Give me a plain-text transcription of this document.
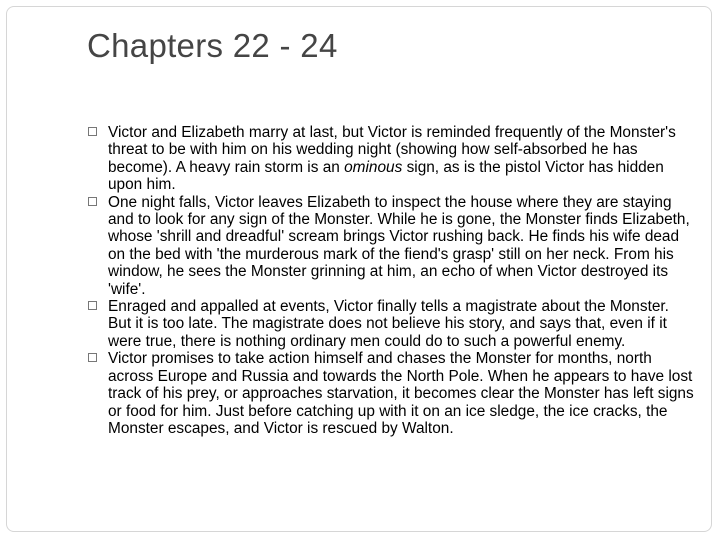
Chapters 22 - 24
Victor and Elizabeth marry at last, but Victor is reminded frequently of the Monster's threat to be with him on his wedding night (showing how self-absorbed he has become). A heavy rain storm is an ominous sign, as is the pistol Victor has hidden upon him.
One night falls, Victor leaves Elizabeth to inspect the house where they are staying and to look for any sign of the Monster. While he is gone, the Monster finds Elizabeth, whose 'shrill and dreadful' scream brings Victor rushing back. He finds his wife dead on the bed with 'the murderous mark of the fiend's grasp' still on her neck. From his window, he sees the Monster grinning at him, an echo of when Victor destroyed its 'wife'.
Enraged and appalled at events, Victor finally tells a magistrate about the Monster. But it is too late. The magistrate does not believe his story, and says that, even if it were true, there is nothing ordinary men could do to such a powerful enemy.
Victor promises to take action himself and chases the Monster for months, north across Europe and Russia and towards the North Pole. When he appears to have lost track of his prey, or approaches starvation, it becomes clear the Monster has left signs or food for him. Just before catching up with it on an ice sledge, the ice cracks, the Monster escapes, and Victor is rescued by Walton.
